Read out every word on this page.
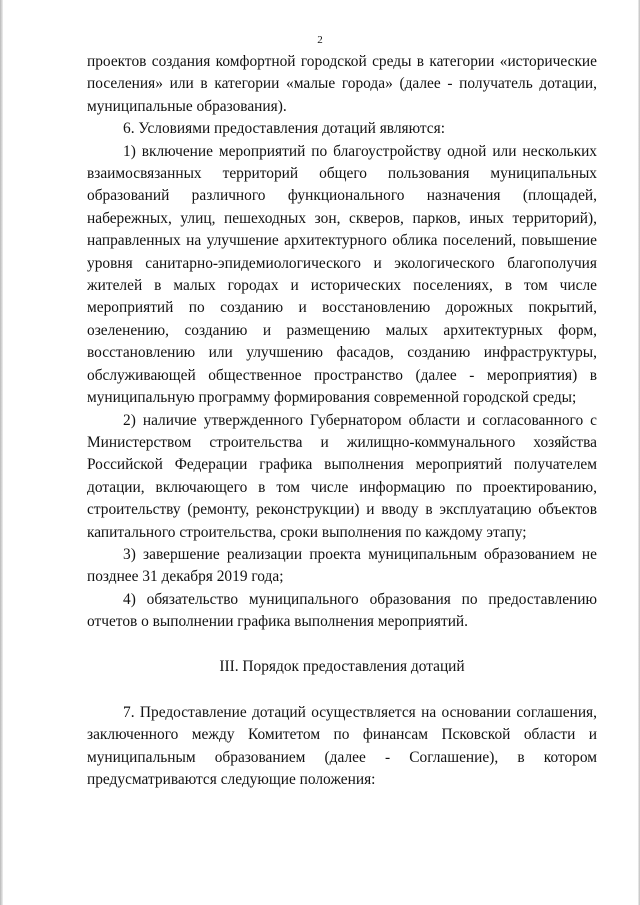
2

проектов создания комфортной городской среды в категории «исторические поселения» или в категории «малые города» (далее - получатель дотации, муниципальные образования).

6. Условиями предоставления дотаций являются:

1) включение мероприятий по благоустройству одной или нескольких взаимосвязанных территорий общего пользования муниципальных образований различного функционального назначения (площадей, набережных, улиц, пешеходных зон, скверов, парков, иных территорий), направленных на улучшение архитектурного облика поселений, повышение уровня санитарно-эпидемиологического и экологического благополучия жителей в малых городах и исторических поселениях, в том числе мероприятий по созданию и восстановлению дорожных покрытий, озеленению, созданию и размещению малых архитектурных форм, восстановлению или улучшению фасадов, созданию инфраструктуры, обслуживающей общественное пространство (далее - мероприятия) в муниципальную программу формирования современной городской среды;

2) наличие утвержденного Губернатором области и согласованного с Министерством строительства и жилищно-коммунального хозяйства Российской Федерации графика выполнения мероприятий получателем дотации, включающего в том числе информацию по проектированию, строительству (ремонту, реконструкции) и вводу в эксплуатацию объектов капитального строительства, сроки выполнения по каждому этапу;

3) завершение реализации проекта муниципальным образованием не позднее 31 декабря 2019 года;

4) обязательство муниципального образования по предоставлению отчетов о выполнении графика выполнения мероприятий.

III. Порядок предоставления дотаций

7. Предоставление дотаций осуществляется на основании соглашения, заключенного между Комитетом по финансам Псковской области и муниципальным образованием (далее - Соглашение), в котором предусматриваются следующие положения:
